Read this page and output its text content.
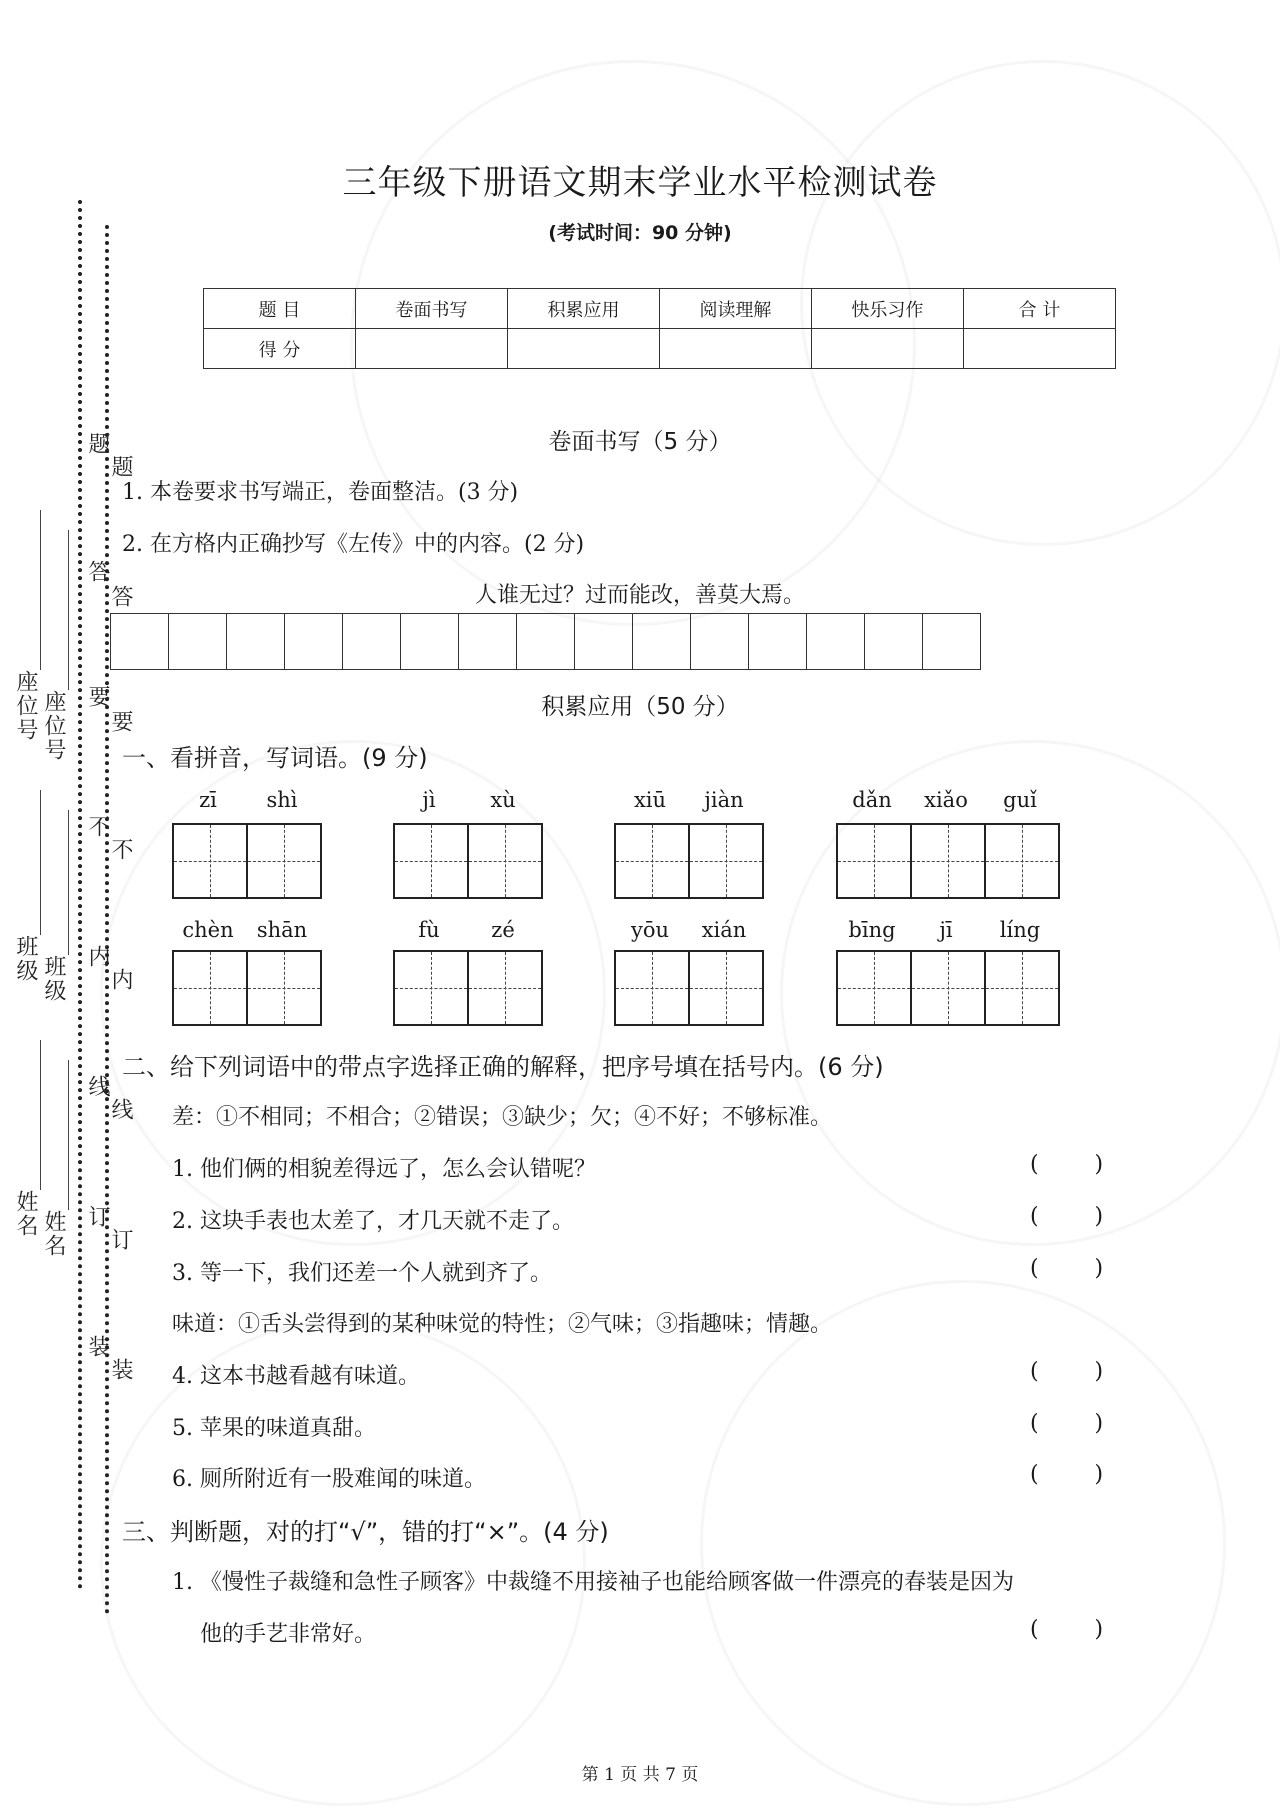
座位号 座位号
班级 班级
姓名 姓名
题
题
答
答
要
要
不
不
内
内
线
线
订
订
装
装
三年级下册语文期末学业水平检测试卷
(考试时间：90 分钟)
题 目	卷面书写	积累应用	阅读理解	快乐习作	合 计
得 分					
卷面书写（5 分）
1. 本卷要求书写端正，卷面整洁。(3 分)
2. 在方格内正确抄写《左传》中的内容。(2 分)
人谁无过？过而能改，善莫大焉。
积累应用（50 分）
一、看拼音，写词语。(9 分)
zī	shì	jì	xù	xiū	jiàn	dǎn	xiǎo	guǐ
chèn	shān	fù	zé	yōu	xián	bīng	jī	líng
二、给下列词语中的带点字选择正确的解释，把序号填在括号内。(6 分)
差：①不相同；不相合；②错误；③缺少；欠；④不好；不够标准。
1. 他们俩的相貌差得远了，怎么会认错呢？	(        )
2. 这块手表也太差了，才几天就不走了。	(        )
3. 等一下，我们还差一个人就到齐了。	(        )
味道：①舌头尝得到的某种味觉的特性；②气味；③指趣味；情趣。
4. 这本书越看越有味道。	(        )
5. 苹果的味道真甜。	(        )
6. 厕所附近有一股难闻的味道。	(        )
三、判断题，对的打“√”，错的打“×”。(4 分)
1. 《慢性子裁缝和急性子顾客》中裁缝不用接袖子也能给顾客做一件漂亮的春装是因为
他的手艺非常好。	(        )
第 1 页 共 7 页
